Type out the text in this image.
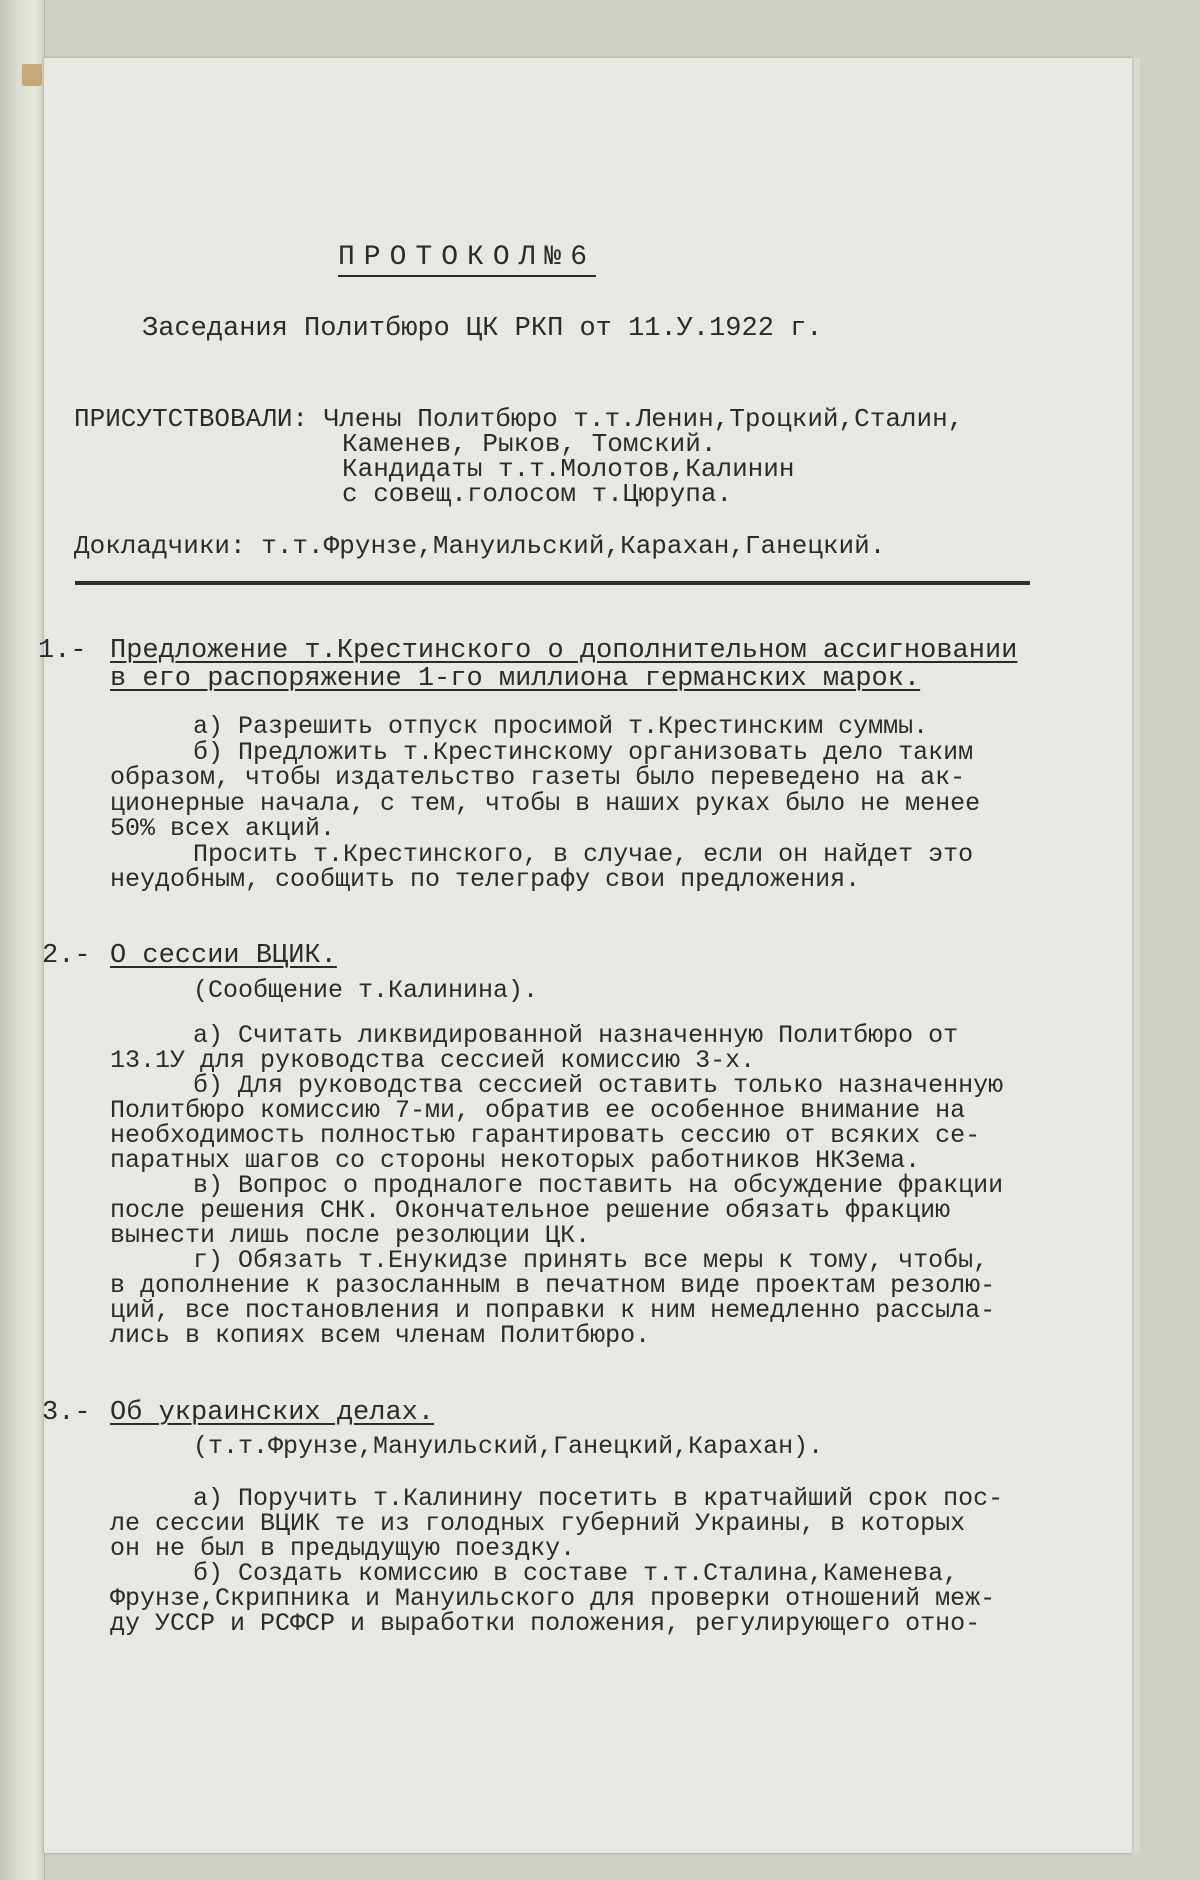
ПРОТОКОЛ№6
Заседания Политбюро ЦК РКП от 11.У.1922 г.
ПРИСУТСТВОВАЛИ: Члены Политбюро т.т.Ленин,Троцкий,Сталин,
Каменев, Рыков, Томский.
Кандидаты т.т.Молотов,Калинин
с совещ.голосом т.Цюрупа.
Докладчики: т.т.Фрунзе,Мануильский,Карахан,Ганецкий.
1.- Предложение т.Крестинского о дополнительном ассигновании
в его распоряжение 1-го миллиона германских марок.
а) Разрешить отпуск просимой т.Крестинским суммы.
б) Предложить т.Крестинскому организовать дело таким
образом, чтобы издательство газеты было переведено на ак-
ционерные начала, с тем, чтобы в наших руках было не менее
50% всех акций.
Просить т.Крестинского, в случае, если он найдет это
неудобным, сообщить по телеграфу свои предложения.
2.- О сессии ВЦИК.
(Сообщение т.Калинина).
а) Считать ликвидированной назначенную Политбюро от
13.1У для руководства сессией комиссию 3-х.
б) Для руководства сессией оставить только назначенную
Политбюро комиссию 7-ми, обратив ее особенное внимание на
необходимость полностью гарантировать сессию от всяких се-
паратных шагов со стороны некоторых работников НКЗема.
в) Вопрос о продналоге поставить на обсуждение фракции
после решения СНК. Окончательное решение обязать фракцию
вынести лишь после резолюции ЦК.
г) Обязать т.Енукидзе принять все меры к тому, чтобы,
в дополнение к разосланным в печатном виде проектам резолю-
ций, все постановления и поправки к ним немедленно рассыла-
лись в копиях всем членам Политбюро.
3.- Об украинских делах.
(т.т.Фрунзе,Мануильский,Ганецкий,Карахан).
а) Поручить т.Калинину посетить в кратчайший срок пос-
ле сессии ВЦИК те из голодных губерний Украины, в которых
он не был в предыдущую поездку.
б) Создать комиссию в составе т.т.Сталина,Каменева,
Фрунзе,Скрипника и Мануильского для проверки отношений меж-
ду УССР и РСФСР и выработки положения, регулирующего отно-
